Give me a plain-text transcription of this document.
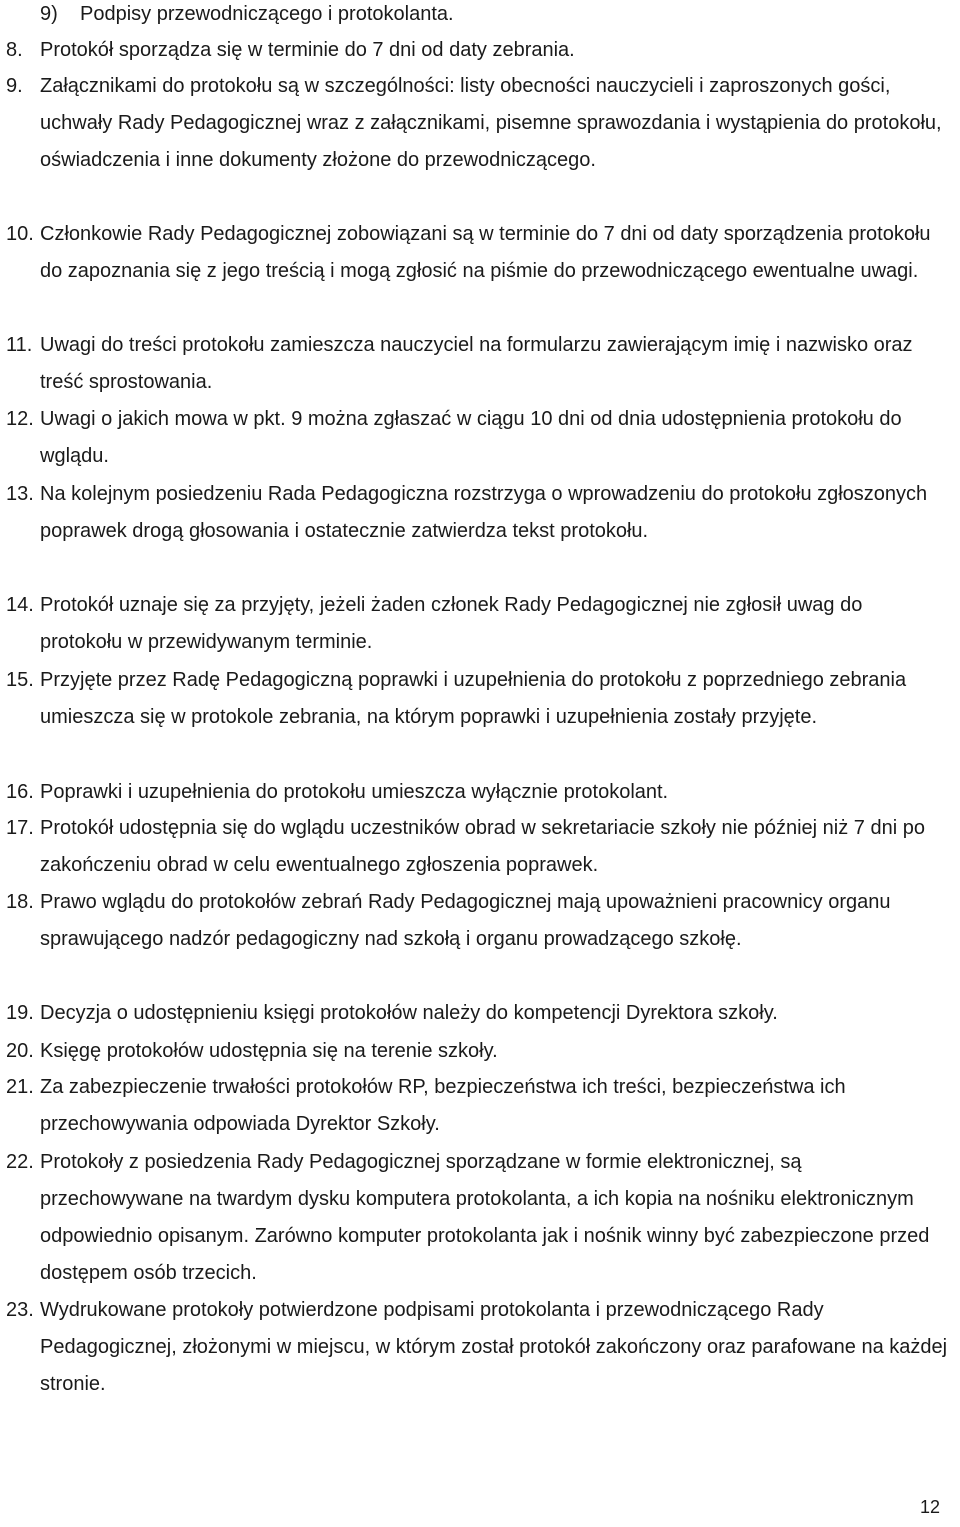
9)	Podpisy przewodniczącego i protokolanta.
8. Protokół sporządza się w terminie do 7 dni od daty zebrania.
9. Załącznikami do protokołu są w szczególności: listy obecności nauczycieli i zaproszonych gości, uchwały Rady Pedagogicznej wraz z załącznikami, pisemne sprawozdania i wystąpienia do protokołu, oświadczenia i inne dokumenty złożone do przewodniczącego.
10. Członkowie Rady Pedagogicznej zobowiązani są w terminie do 7 dni od daty sporządzenia protokołu do zapoznania się z jego treścią i mogą zgłosić na piśmie do przewodniczącego ewentualne uwagi.
11. Uwagi do treści protokołu zamieszcza nauczyciel na formularzu zawierającym imię i nazwisko oraz treść sprostowania.
12. Uwagi o jakich mowa w pkt. 9 można zgłaszać w ciągu 10 dni od dnia udostępnienia protokołu do wglądu.
13. Na kolejnym posiedzeniu Rada Pedagogiczna rozstrzyga o wprowadzeniu do protokołu zgłoszonych poprawek drogą głosowania i ostatecznie zatwierdza tekst protokołu.
14. Protokół uznaje się za przyjęty, jeżeli żaden członek Rady Pedagogicznej nie zgłosił uwag do protokołu w przewidywanym terminie.
15. Przyjęte przez Radę Pedagogiczną poprawki i uzupełnienia do protokołu z poprzedniego zebrania umieszcza się w protokole zebrania, na którym poprawki i uzupełnienia zostały przyjęte.
16. Poprawki i uzupełnienia do protokołu umieszcza wyłącznie protokolant.
17. Protokół udostępnia się do wglądu uczestników obrad w sekretariacie szkoły nie później niż 7 dni po zakończeniu obrad w celu ewentualnego zgłoszenia poprawek.
18. Prawo wglądu do protokołów zebrań Rady Pedagogicznej mają upoważnieni pracownicy organu sprawującego nadzór pedagogiczny nad szkołą i organu prowadzącego szkołę.
19. Decyzja o udostępnieniu księgi protokołów należy do kompetencji Dyrektora szkoły.
20. Księgę protokołów udostępnia się na terenie szkoły.
21. Za zabezpieczenie trwałości protokołów RP, bezpieczeństwa ich treści, bezpieczeństwa ich przechowywania odpowiada Dyrektor Szkoły.
22. Protokoły z posiedzenia Rady Pedagogicznej sporządzane w formie elektronicznej, są przechowywane na twardym dysku komputera protokolanta, a ich kopia na nośniku elektronicznym odpowiednio opisanym. Zarówno komputer protokolanta jak i nośnik winny być zabezpieczone przed dostępem osób trzecich.
23. Wydrukowane protokoły potwierdzone podpisami protokolanta i przewodniczącego Rady Pedagogicznej, złożonymi w miejscu, w którym został protokół zakończony oraz parafowane na każdej stronie.
12
